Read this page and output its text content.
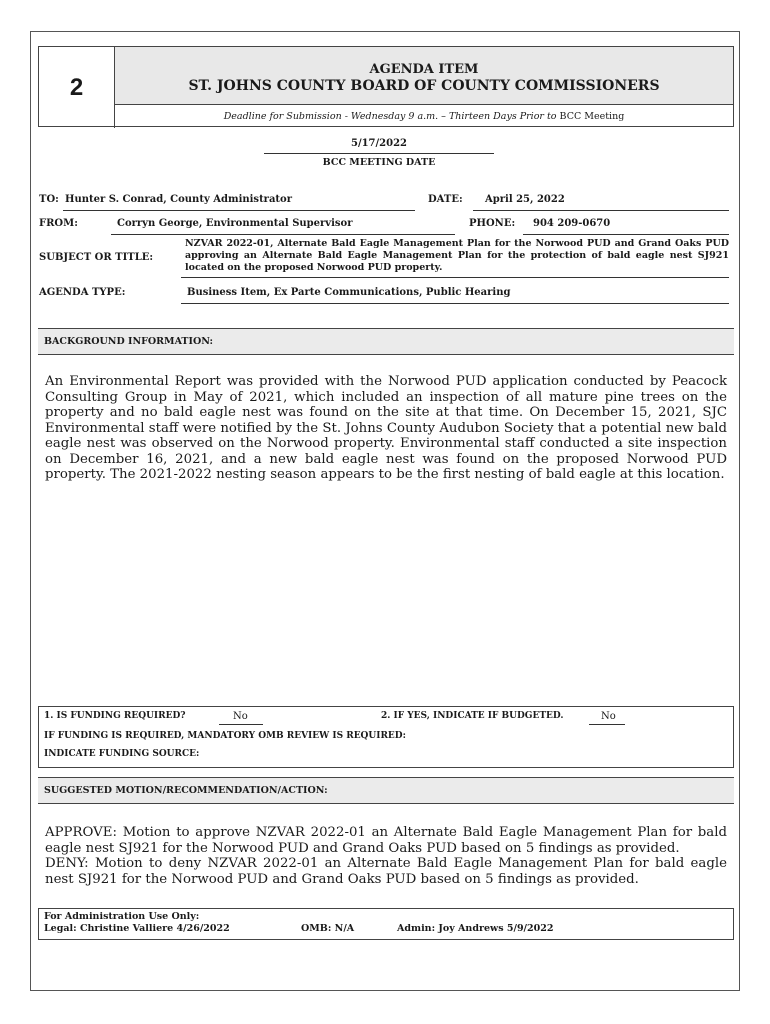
2
AGENDA ITEM
ST. JOHNS COUNTY BOARD OF COUNTY COMMISSIONERS
Deadline for Submission - Wednesday 9 a.m. – Thirteen Days Prior to BCC Meeting
5/17/2022
BCC MEETING DATE
TO: Hunter S. Conrad, County Administrator	DATE: April 25, 2022
FROM:	Corryn George, Environmental Supervisor	PHONE: 904 209-0670
SUBJECT OR TITLE:
NZVAR 2022-01, Alternate Bald Eagle Management Plan for the Norwood PUD and Grand Oaks PUD approving an Alternate Bald Eagle Management Plan for the protection of bald eagle nest SJ921 located on the proposed Norwood PUD property.
AGENDA TYPE:	Business Item, Ex Parte Communications, Public Hearing
BACKGROUND INFORMATION:
An Environmental Report was provided with the Norwood PUD application conducted by Peacock Consulting Group in May of 2021, which included an inspection of all mature pine trees on the property and no bald eagle nest was found on the site at that time. On December 15, 2021, SJC Environmental staff were notified by the St. Johns County Audubon Society that a potential new bald eagle nest was observed on the Norwood property. Environmental staff conducted a site inspection on December 16, 2021, and a new bald eagle nest was found on the proposed Norwood PUD property. The 2021-2022 nesting season appears to be the first nesting of bald eagle at this location.
1. IS FUNDING REQUIRED?	No	2. IF YES, INDICATE IF BUDGETED.	No
IF FUNDING IS REQUIRED, MANDATORY OMB REVIEW IS REQUIRED:
INDICATE FUNDING SOURCE:
SUGGESTED MOTION/RECOMMENDATION/ACTION:
APPROVE: Motion to approve NZVAR 2022-01 an Alternate Bald Eagle Management Plan for bald eagle nest SJ921 for the Norwood PUD and Grand Oaks PUD based on 5 findings as provided.
DENY: Motion to deny NZVAR 2022-01 an Alternate Bald Eagle Management Plan for bald eagle nest SJ921 for the Norwood PUD and Grand Oaks PUD based on 5 findings as provided.
For Administration Use Only:
Legal: Christine Valliere 4/26/2022	OMB: N/A	Admin: Joy Andrews 5/9/2022
